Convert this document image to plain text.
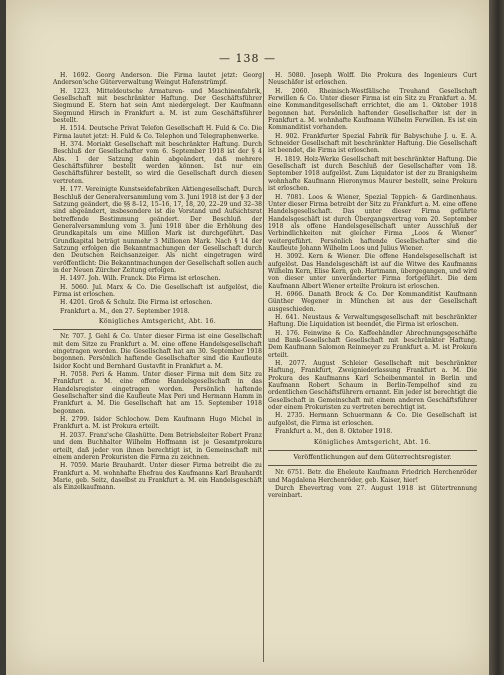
— 138 —

H. 1692. Georg Anderson. Die Firma lautet jetzt: Georg Anderson'sche Güterverwaltung Weingut Hafenstrümpf.

H. 1223. Mitteldeutsche Armaturen- und Maschinenfabrik, Gesellschaft mit beschränkter Haftung. Der Geschäftsführer Siegmund E. Stern hat sein Amt niedergelegt. Der Kaufmann Siegmund Hirsch in Frankfurt a. M. ist zum Geschäftsführer bestellt.

H. 1514. Deutsche Privat Telefon Gesellschaft H. Fuld & Co. Die Firma lautet jetzt: H. Fuld & Co. Telephon und Telegraphenwerke.

H. 374. Moriakt Gesellschaft mit beschränkter Haftung. Durch Beschluß der Gesellschafter vom 6. September 1918 ist der § 4 Abs. 1 der Satzung dahin abgeändert, daß mehrere Geschäftsführer bestellt werden können. Ist nur ein Geschäftsführer bestellt, so wird die Gesellschaft durch diesen vertreten.

H. 177. Vereinigte Kunstseidefabriken Aktiengesellschaft. Durch Beschluß der Generalversammlung vom 3. Juni 1918 ist der § 3 der Satzung geändert, die §§ 8–12, 15–16, 17, 18, 20, 22–29 und 32–38 sind abgeändert, insbesondere ist die Vorstand und Aufsichtsrat betreffende Bestimmung geändert. Der Beschluß der Generalversammlung vom 3. Juni 1918 über die Erhöhung des Grundkapitals um eine Million Mark ist durchgeführt. Das Grundkapital beträgt nunmehr 3 Millionen Mark. Nach § 14 der Satzung erfolgen die Bekanntmachungen der Gesellschaft durch den Deutschen Reichsanzeiger. Als nicht eingetragen wird veröffentlicht: Die Bekanntmachungen der Gesellschaft sollen auch in der Neuen Zürcher Zeitung erfolgen.

H. 1497. Joh. Wilh. Franck. Die Firma ist erloschen.

H. 5060. Jul. Marx & Co. Die Gesellschaft ist aufgelöst, die Firma ist erloschen.

H. 4201. Groß & Schulz. Die Firma ist erloschen.

Frankfurt a. M., den 27. September 1918.

Königliches Amtsgericht, Abt. 16.

Nr. 707. J. Gehl & Co. Unter dieser Firma ist eine Gesellschaft mit dem Sitze zu Frankfurt a. M. eine offene Handelsgesellschaft eingetragen worden. Die Gesellschaft hat am 30. September 1918 begonnen. Persönlich haftende Gesellschafter sind die Kaufleute Isidor Kocht und Bernhard Gustavfit in Frankfurt a. M.

H. 7058. Peri & Hamm. Unter dieser Firma mit dem Sitz zu Frankfurt a. M. eine offene Handelsgesellschaft in das Handelsregister eingetragen worden. Persönlich haftende Gesellschafter sind die Kaufleute Max Peri und Hermann Hamm in Frankfurt a. M. Die Gesellschaft hat am 15. September 1918 begonnen.

H. 2799. Isidor Schlochow. Dem Kaufmann Hugo Michel in Frankfurt a. M. ist Prokura erteilt.

H. 2037. Franz'sche Glashütte. Dem Betriebsleiter Robert Franz und dem Buchhalter Wilhelm Hoffmann ist je Gesamtprokura erteilt, daß jeder von ihnen berechtigt ist, in Gemeinschaft mit einem anderen Prokuristen die Firma zu zeichnen.

H. 7059. Marie Brauhardt. Unter dieser Firma betreibt die zu Frankfurt a. M. wohnhafte Ehefrau des Kaufmanns Karl Brauhardt Marie, geb. Seitz, daselbst zu Frankfurt a. M. ein Handelsgeschäft als Einzelkaufmann.

H. 5080. Joseph Wolff. Die Prokura des Ingenieurs Curt Neuschäfer ist erloschen.

H. 2060. Rheinisch-Westfälische Treuhand Gesellschaft Ferwillen & Co. Unter dieser Firma ist ein Sitz zu Frankfurt a. M. eine Kommanditgesellschaft errichtet, die am 1. Oktober 1918 begonnen hat. Persönlich haftender Gesellschafter ist der in Frankfurt a. M. wohnhafte Kaufmann Wilhelm Ferwillen. Es ist ein Kommanditist vorhanden.

H. 902. Frankfurter Spezial Fabrik für Babyschuhe J. u. E. A. Schneider Gesellschaft mit beschränkter Haftung. Die Gesellschaft ist beendet, die Firma ist erloschen.

H. 1819. Holz-Werke Gesellschaft mit beschränkter Haftung. Die Gesellschaft ist durch Beschluß der Gesellschafter vom 18. September 1918 aufgelöst. Zum Liquidator ist der zu Branigsheim wohnhafte Kaufmann Hieronymus Maurer bestellt, seine Prokura ist erloschen.

H. 7081. Loos & Wiener, Spezial Teppich- & Gardinenhaus. Unter dieser Firma betreibt der Sitz zu Frankfurt a. M. eine offene Handelsgesellschaft. Das unter dieser Firma geführte Handelsgeschäft ist durch Übergangsvertrag vom 20. September 1918 als offene Handelsgesellschaft unter Ausschluß der Verbindlichkeiten mit gleicher Firma „Loos & Wiener“ weitergeführt. Persönlich haftende Gesellschafter sind die Kaufleute Johann Wilhelm Loos und Julius Wiener.

H. 3092. Kern & Wiener. Die offene Handelsgesellschaft ist aufgelöst. Das Handelsgeschäft ist auf die Witwe des Kaufmanns Wilhelm Kern, Elise Kern, geb. Hartmann, übergegangen, und wird von dieser unter unveränderter Firma fortgeführt. Die dem Kaufmann Albert Wiener erteilte Prokura ist erloschen.

H. 6966. Danath Brock & Co. Der Kommanditist Kaufmann Günther Wegener in München ist aus der Gesellschaft ausgeschieden.

H. 641. Neustaus & Verwaltungsgesellschaft mit beschränkter Haftung. Die Liquidation ist beendet, die Firma ist erloschen.

H. 176. Feinwine & Co. Kaffeehändler Abrechnungsgeschäfte und Bank-Gesellschaft Gesellschaft mit beschränkter Haftung. Dem Kaufmann Salomon Reinmeyer zu Frankfurt a. M. ist Prokura erteilt.

H. 2077. August Schleier Gesellschaft mit beschränkter Haftung, Frankfurt, Zweigniederlassung Frankfurt a. M. Die Prokura des Kaufmanns Karl Scheibenmantel in Berlin und Kaufmann Robert Schaum in Berlin-Tempelhof sind zu ordentlichen Geschäftsführern ernannt. Ein jeder ist berechtigt die Gesellschaft in Gemeinschaft mit einem anderen Geschäftsführer oder einem Prokuristen zu vertreten berechtigt ist.

H. 2735. Hermann Schuermann & Co. Die Gesellschaft ist aufgelöst, die Firma ist erloschen.

Frankfurt a. M., den 8. Oktober 1918.

Königliches Amtsgericht, Abt. 16.
Veröffentlichungen auf dem Güterrechtsregister.

Nr. 6751. Betr. die Eheleute Kaufmann Friedrich Herchenröder und Magdalena Herchenröder, geb. Kaiser, hier!

Durch Ehevertrag vom 27. August 1918 ist Gütertrennung vereinbart.
